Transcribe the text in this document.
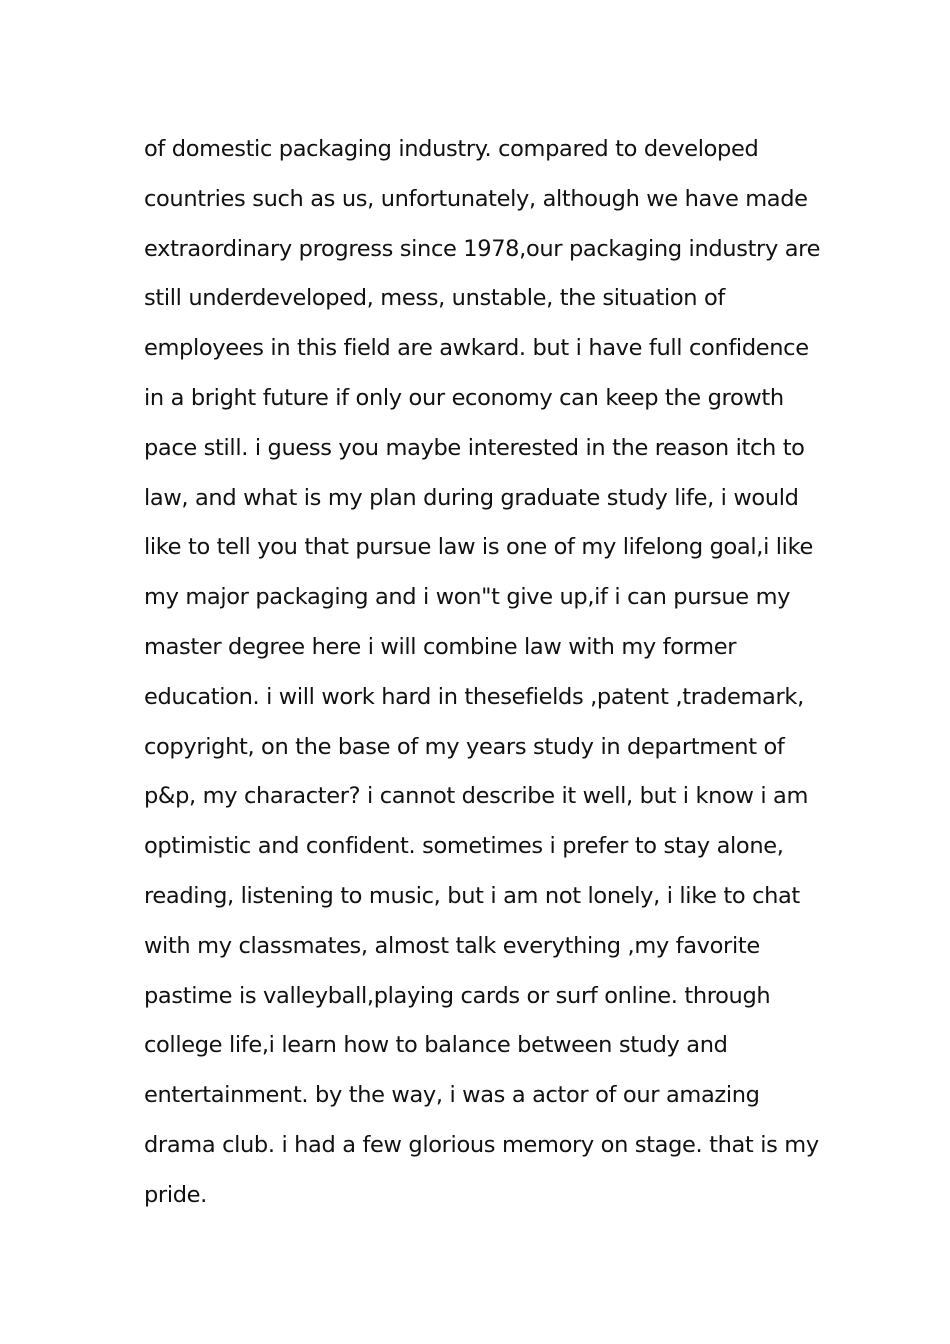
of domestic packaging industry. compared to developed
countries such as us, unfortunately, although we have made
extraordinary progress since 1978,our packaging industry are
still underdeveloped, mess, unstable, the situation of
employees in this field are awkard. but i have full confidence
in a bright future if only our economy can keep the growth
pace still. i guess you maybe interested in the reason itch to
law, and what is my plan during graduate study life, i would
like to tell you that pursue law is one of my lifelong goal,i like
my major packaging and i won"t give up,if i can pursue my
master degree here i will combine law with my former
education. i will work hard in thesefields ,patent ,trademark,
copyright, on the base of my years study in department of
p&p, my character? i cannot describe it well, but i know i am
optimistic and confident. sometimes i prefer to stay alone,
reading, listening to music, but i am not lonely, i like to chat
with my classmates, almost talk everything ,my favorite
pastime is valleyball,playing cards or surf online. through
college life,i learn how to balance between study and
entertainment. by the way, i was a actor of our amazing
drama club. i had a few glorious memory on stage. that is my
pride.
